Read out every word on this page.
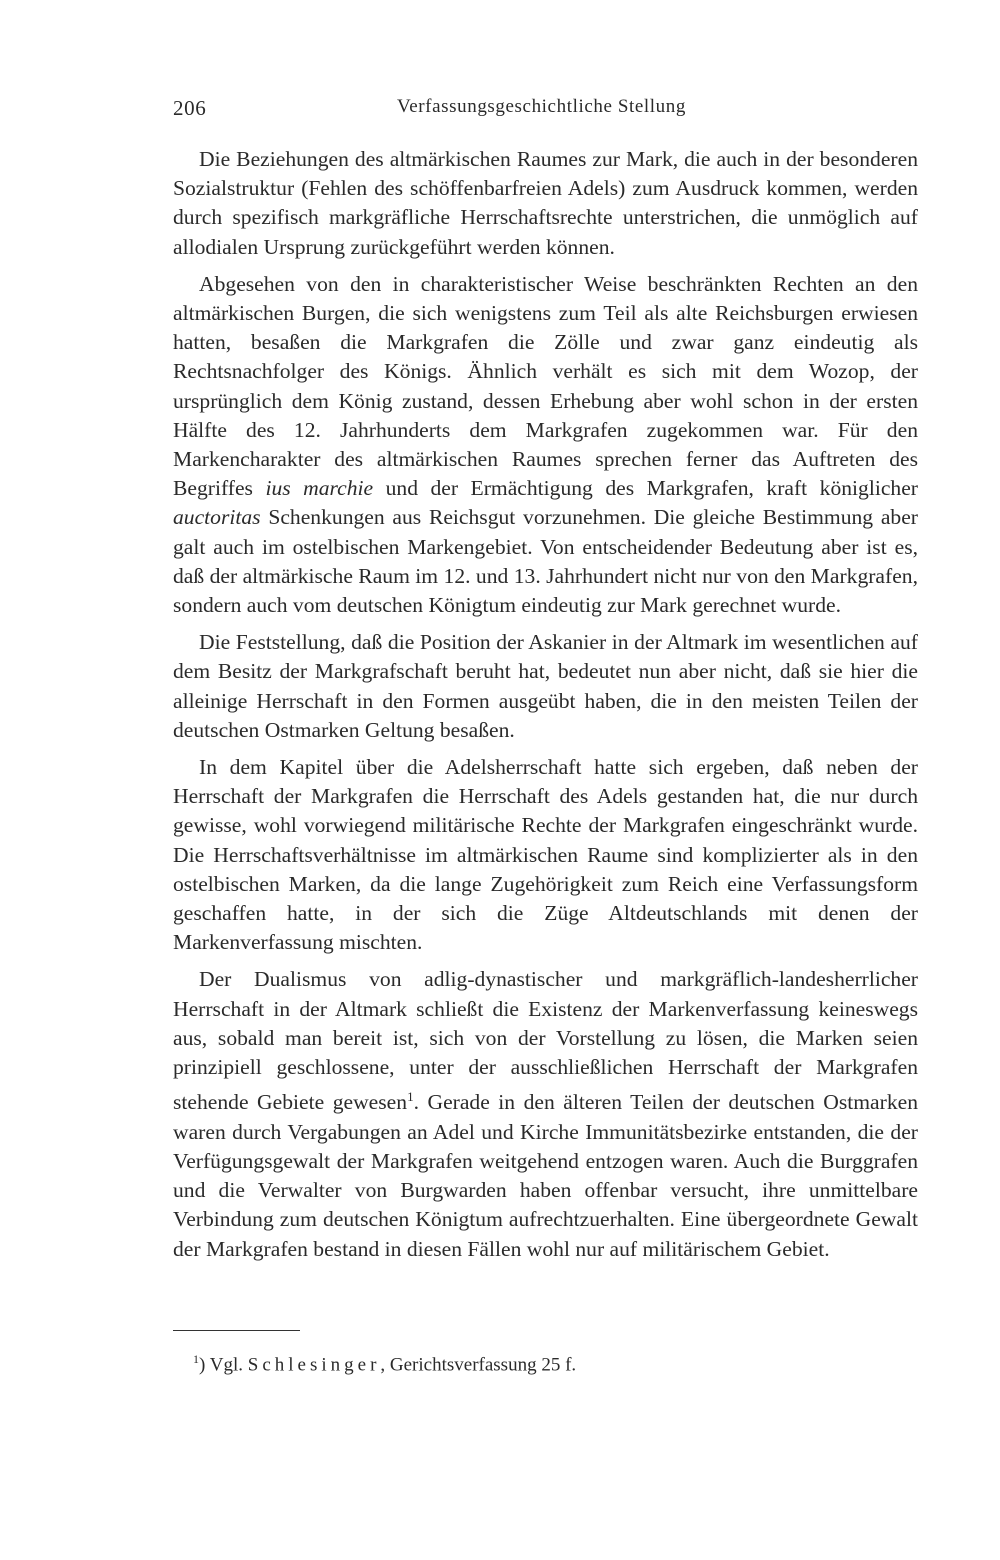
206	Verfassungsgeschichtliche Stellung

Die Beziehungen des altmärkischen Raumes zur Mark, die auch in der besonderen Sozialstruktur (Fehlen des schöffenbarfreien Adels) zum Ausdruck kommen, werden durch spezifisch markgräfliche Herrschaftsrechte unterstrichen, die unmöglich auf allodialen Ursprung zurückgeführt werden können.

Abgesehen von den in charakteristischer Weise beschränkten Rechten an den altmärkischen Burgen, die sich wenigstens zum Teil als alte Reichsburgen erwiesen hatten, besaßen die Markgrafen die Zölle und zwar ganz eindeutig als Rechtsnachfolger des Königs. Ähnlich verhält es sich mit dem Wozop, der ursprünglich dem König zustand, dessen Erhebung aber wohl schon in der ersten Hälfte des 12. Jahrhunderts dem Markgrafen zugekommen war. Für den Markencharakter des altmärkischen Raumes sprechen ferner das Auftreten des Begriffes ius marchie und der Ermächtigung des Markgrafen, kraft königlicher auctoritas Schenkungen aus Reichsgut vorzunehmen. Die gleiche Bestimmung aber galt auch im ostelbischen Markengebiet. Von entscheidender Bedeutung aber ist es, daß der altmärkische Raum im 12. und 13. Jahrhundert nicht nur von den Markgrafen, sondern auch vom deutschen Königtum eindeutig zur Mark gerechnet wurde.

Die Feststellung, daß die Position der Askanier in der Altmark im wesentlichen auf dem Besitz der Markgrafschaft beruht hat, bedeutet nun aber nicht, daß sie hier die alleinige Herrschaft in den Formen ausgeübt haben, die in den meisten Teilen der deutschen Ostmarken Geltung besaßen.

In dem Kapitel über die Adelsherrschaft hatte sich ergeben, daß neben der Herrschaft der Markgrafen die Herrschaft des Adels gestanden hat, die nur durch gewisse, wohl vorwiegend militärische Rechte der Markgrafen eingeschränkt wurde. Die Herrschaftsverhältnisse im altmärkischen Raume sind komplizierter als in den ostelbischen Marken, da die lange Zugehörigkeit zum Reich eine Verfassungsform geschaffen hatte, in der sich die Züge Altdeutschlands mit denen der Markenverfassung mischten.

Der Dualismus von adlig-dynastischer und markgräflich-landesherrlicher Herrschaft in der Altmark schließt die Existenz der Markenverfassung keineswegs aus, sobald man bereit ist, sich von der Vorstellung zu lösen, die Marken seien prinzipiell geschlossene, unter der ausschließlichen Herrschaft der Markgrafen stehende Gebiete gewesen$^1$. Gerade in den älteren Teilen der deutschen Ostmarken waren durch Vergabungen an Adel und Kirche Immunitätsbezirke entstanden, die der Verfügungsgewalt der Markgrafen weitgehend entzogen waren. Auch die Burggrafen und die Verwalter von Burgwarden haben offenbar versucht, ihre unmittelbare Verbindung zum deutschen Königtum aufrechtzuerhalten. Eine übergeordnete Gewalt der Markgrafen bestand in diesen Fällen wohl nur auf militärischem Gebiet.

$^1$) Vgl. Schlesinger, Gerichtsverfassung 25 f.
